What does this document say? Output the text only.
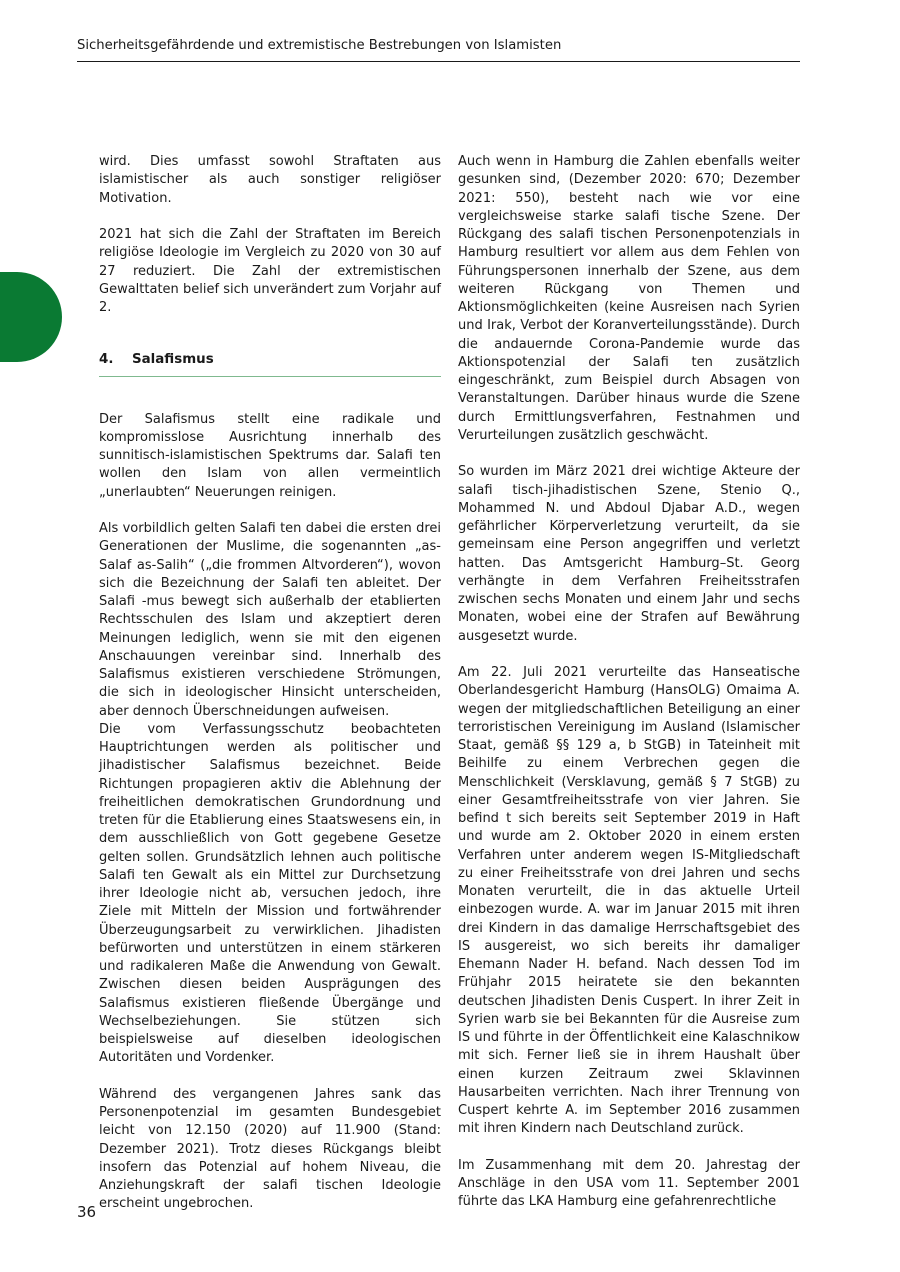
Sicherheitsgefährdende und extremistische Bestrebungen von Islamisten

wird. Dies umfasst sowohl Straftaten aus islamistischer als auch sonstiger religiöser Motivation.

2021 hat sich die Zahl der Straftaten im Bereich religiöse Ideologie im Vergleich zu 2020 von 30 auf 27 reduziert. Die Zahl der extremistischen Gewalttaten belief sich unverändert zum Vorjahr auf 2.

4.	Salafismus

Der Salafismus stellt eine radikale und kompromisslose Ausrichtung innerhalb des sunnitisch-islamistischen Spektrums dar. Salafi ten wollen den Islam von allen vermeintlich „unerlaubten“ Neuerungen reinigen.

Als vorbildlich gelten Salafi ten dabei die ersten drei Generationen der Muslime, die sogenannten „as-Salaf as-Salih“ („die frommen Altvorderen“), wovon sich die Bezeichnung der Salafi ten ableitet. Der Salafi -mus bewegt sich außerhalb der etablierten Rechtsschulen des Islam und akzeptiert deren Meinungen lediglich, wenn sie mit den eigenen Anschauungen vereinbar sind. Innerhalb des Salafismus existieren verschiedene Strömungen, die sich in ideologischer Hinsicht unterscheiden, aber dennoch Überschneidungen aufweisen.

Die vom Verfassungsschutz beobachteten Hauptrichtungen werden als politischer und jihadistischer Salafismus bezeichnet. Beide Richtungen propagieren aktiv die Ablehnung der freiheitlichen demokratischen Grundordnung und treten für die Etablierung eines Staatswesens ein, in dem ausschließlich von Gott gegebene Gesetze gelten sollen. Grundsätzlich lehnen auch politische Salafi ten Gewalt als ein Mittel zur Durchsetzung ihrer Ideologie nicht ab, versuchen jedoch, ihre Ziele mit Mitteln der Mission und fortwährender Überzeugungsarbeit zu verwirklichen. Jihadisten befürworten und unterstützen in einem stärkeren und radikaleren Maße die Anwendung von Gewalt. Zwischen diesen beiden Ausprägungen des Salafismus existieren fließende Übergänge und Wechselbeziehungen. Sie stützen sich beispielsweise auf dieselben ideologischen Autoritäten und Vordenker.

Während des vergangenen Jahres sank das Personenpotenzial im gesamten Bundesgebiet leicht von 12.150 (2020) auf 11.900 (Stand: Dezember 2021). Trotz dieses Rückgangs bleibt insofern das Potenzial auf hohem Niveau, die Anziehungskraft der salafi tischen Ideologie erscheint ungebrochen.

Auch wenn in Hamburg die Zahlen ebenfalls weiter gesunken sind, (Dezember 2020: 670; Dezember 2021: 550), besteht nach wie vor eine vergleichsweise starke salafi tische Szene. Der Rückgang des salafi tischen Personenpotenzials in Hamburg resultiert vor allem aus dem Fehlen von Führungspersonen innerhalb der Szene, aus dem weiteren Rückgang von Themen und Aktionsmöglichkeiten (keine Ausreisen nach Syrien und Irak, Verbot der Koranverteilungsstände). Durch die andauernde Corona-Pandemie wurde das Aktionspotenzial der Salafi ten zusätzlich eingeschränkt, zum Beispiel durch Absagen von Veranstaltungen. Darüber hinaus wurde die Szene durch Ermittlungsverfahren, Festnahmen und Verurteilungen zusätzlich geschwächt.

So wurden im März 2021 drei wichtige Akteure der salafi tisch-jihadistischen Szene, Stenio Q., Mohammed N. und Abdoul Djabar A.D., wegen gefährlicher Körperverletzung verurteilt, da sie gemeinsam eine Person angegriffen und verletzt hatten. Das Amtsgericht Hamburg–St. Georg verhängte in dem Verfahren Freiheitsstrafen zwischen sechs Monaten und einem Jahr und sechs Monaten, wobei eine der Strafen auf Bewährung ausgesetzt wurde.

Am 22. Juli 2021 verurteilte das Hanseatische Oberlandesgericht Hamburg (HansOLG) Omaima A. wegen der mitgliedschaftlichen Beteiligung an einer terroristischen Vereinigung im Ausland (Islamischer Staat, gemäß §§ 129 a, b StGB) in Tateinheit mit Beihilfe zu einem Verbrechen gegen die Menschlichkeit (Versklavung, gemäß § 7 StGB) zu einer Gesamtfreiheitsstrafe von vier Jahren. Sie befind t sich bereits seit September 2019 in Haft und wurde am 2. Oktober 2020 in einem ersten Verfahren unter anderem wegen IS-Mitgliedschaft zu einer Freiheitsstrafe von drei Jahren und sechs Monaten verurteilt, die in das aktuelle Urteil einbezogen wurde. A. war im Januar 2015 mit ihren drei Kindern in das damalige Herrschaftsgebiet des IS ausgereist, wo sich bereits ihr damaliger Ehemann Nader H. befand. Nach dessen Tod im Frühjahr 2015 heiratete sie den bekannten deutschen Jihadisten Denis Cuspert. In ihrer Zeit in Syrien warb sie bei Bekannten für die Ausreise zum IS und führte in der Öffentlichkeit eine Kalaschnikow mit sich. Ferner ließ sie in ihrem Haushalt über einen kurzen Zeitraum zwei Sklavinnen Hausarbeiten verrichten. Nach ihrer Trennung von Cuspert kehrte A. im September 2016 zusammen mit ihren Kindern nach Deutschland zurück.

Im Zusammenhang mit dem 20. Jahrestag der Anschläge in den USA vom 11. September 2001 führte das LKA Hamburg eine gefahrenrechtliche

36
